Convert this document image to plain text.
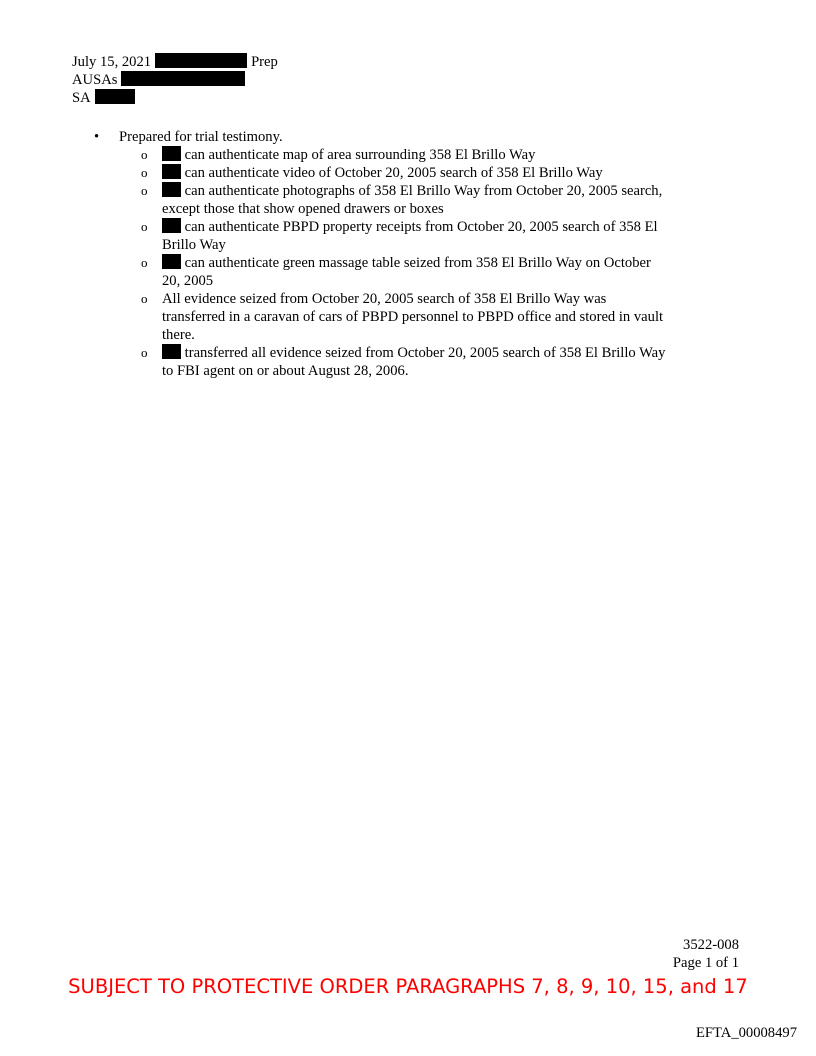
July 15, 2021	Prep
AUSAs
SA
• Prepared for trial testimony.
o	can authenticate map of area surrounding 358 El Brillo Way
o	can authenticate video of October 20, 2005 search of 358 El Brillo Way
o	can authenticate photographs of 358 El Brillo Way from October 20, 2005 search, except those that show opened drawers or boxes
o	can authenticate PBPD property receipts from October 20, 2005 search of 358 El Brillo Way
o	can authenticate green massage table seized from 358 El Brillo Way on October 20, 2005
o All evidence seized from October 20, 2005 search of 358 El Brillo Way was transferred in a caravan of cars of PBPD personnel to PBPD office and stored in vault there.
o	transferred all evidence seized from October 20, 2005 search of 358 El Brillo Way to FBI agent on or about August 28, 2006.
3522-008
Page 1 of 1
SUBJECT TO PROTECTIVE ORDER PARAGRAPHS 7, 8, 9, 10, 15, and 17
EFTA_00008497
